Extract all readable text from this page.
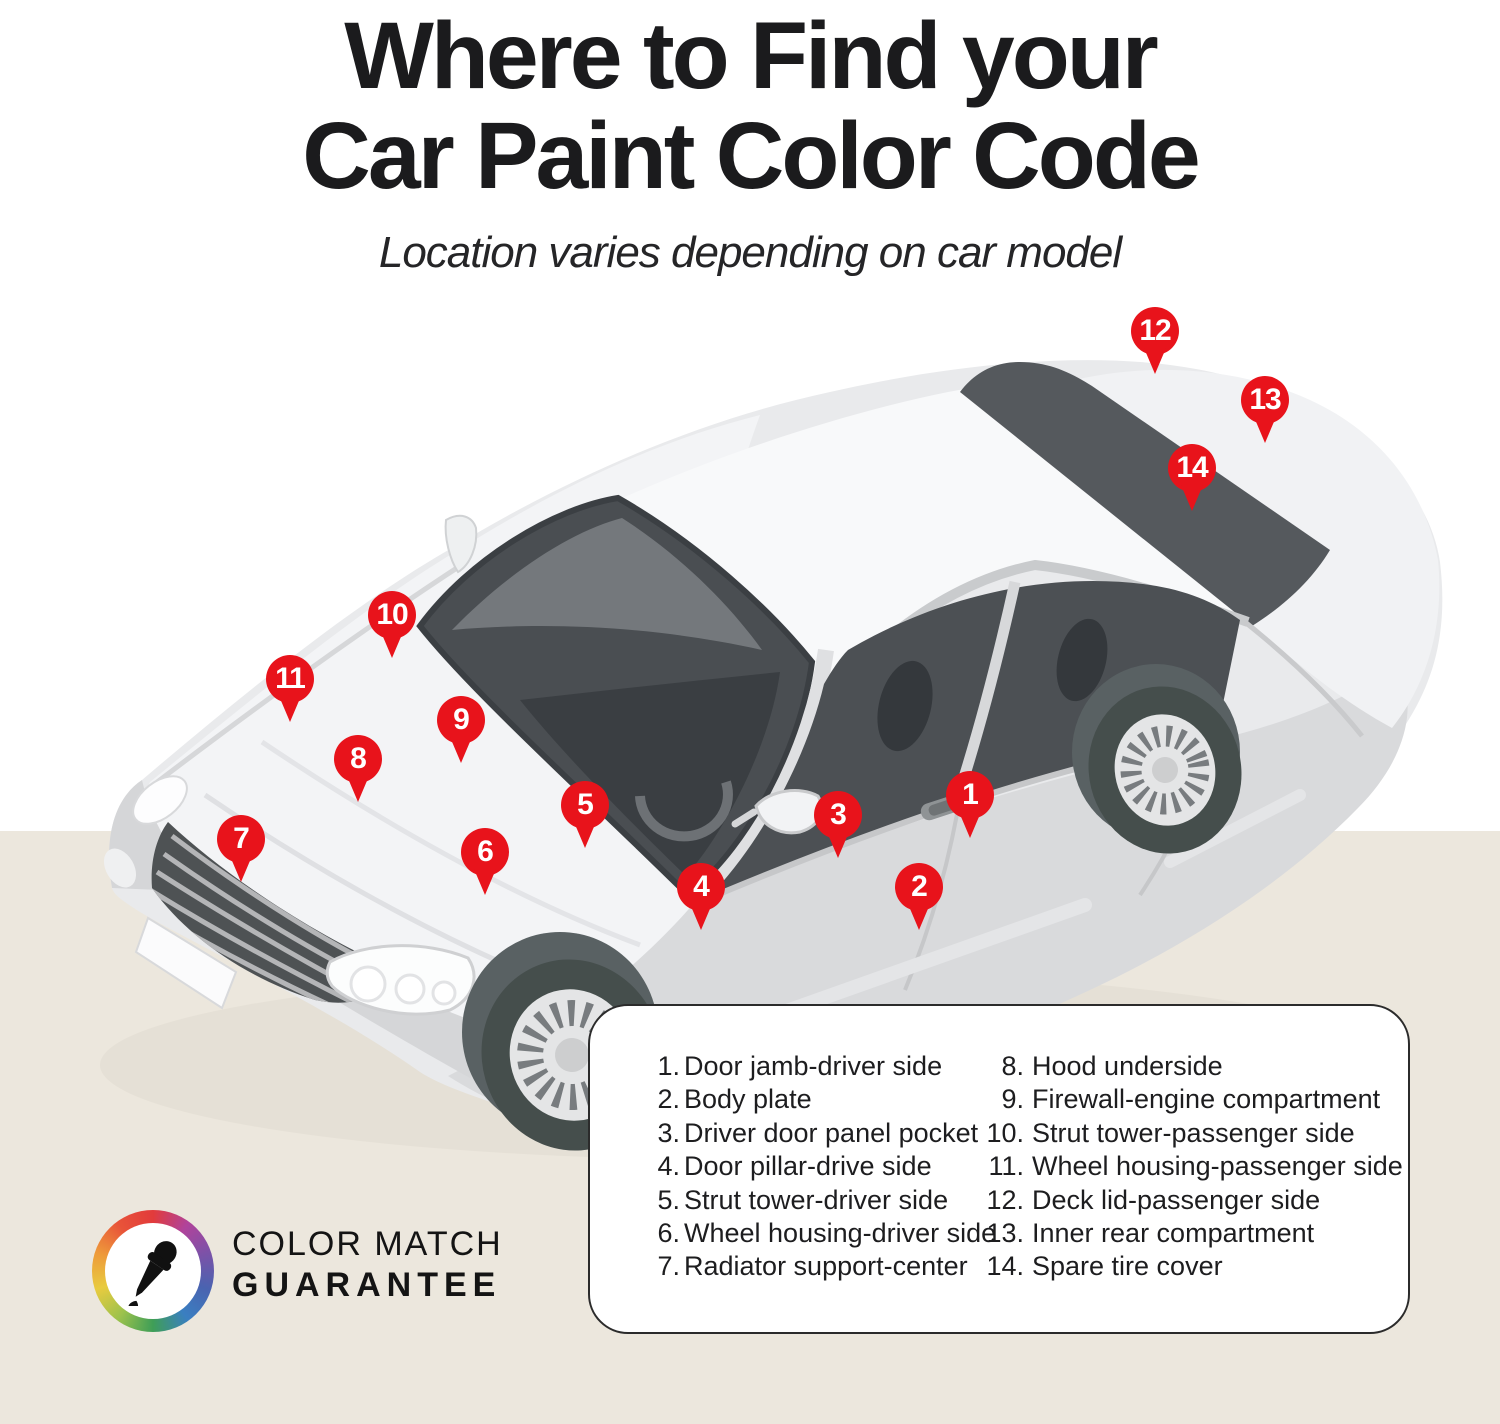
Where to Find your
Car Paint Color Code
Location varies depending on car model
1
2
3
4
5
6
7
8
9
10
11
12
13
14
1. Door jamb-driver side
2. Body plate
3. Driver door panel pocket
4. Door pillar-drive side
5. Strut tower-driver side
6. Wheel housing-driver side
7. Radiator support-center
8. Hood underside
9. Firewall-engine compartment
10. Strut tower-passenger side
11. Wheel housing-passenger side
12. Deck lid-passenger side
13. Inner rear compartment
14. Spare tire cover
COLOR MATCH
GUARANTEE
